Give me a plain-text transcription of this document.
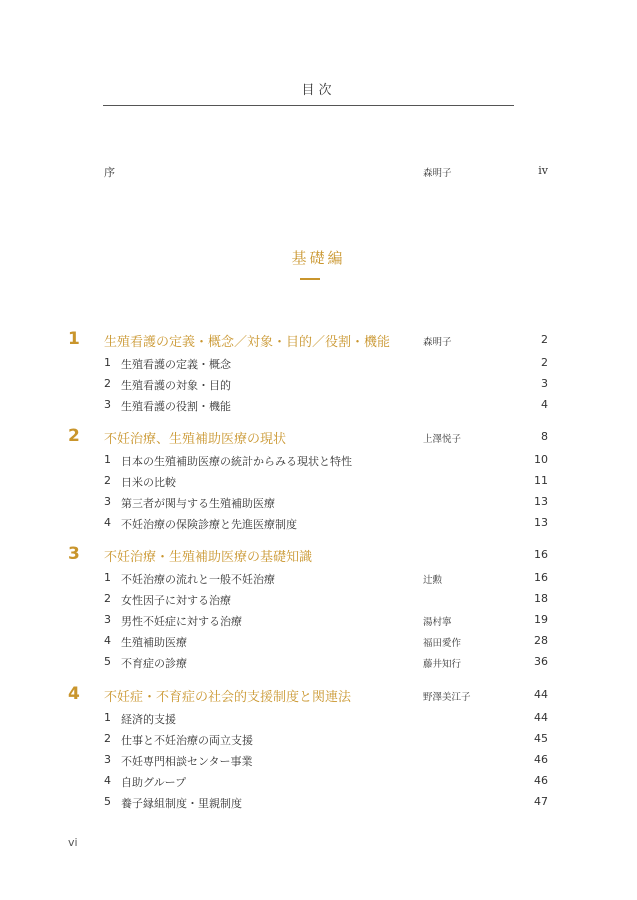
目次
序	森明子	iv
基礎編
1 生殖看護の定義・概念／対象・目的／役割・機能	森明子	2
1 生殖看護の定義・概念	2
2 生殖看護の対象・目的	3
3 生殖看護の役割・機能	4
2 不妊治療、生殖補助医療の現状	上澤悦子	8
1 日本の生殖補助医療の統計からみる現状と特性	10
2 日米の比較	11
3 第三者が関与する生殖補助医療	13
4 不妊治療の保険診療と先進医療制度	13
3 不妊治療・生殖補助医療の基礎知識	16
1 不妊治療の流れと一般不妊治療	辻勲	16
2 女性因子に対する治療	18
3 男性不妊症に対する治療	湯村寧	19
4 生殖補助医療	福田愛作	28
5 不育症の診療	藤井知行	36
4 不妊症・不育症の社会的支援制度と関連法	野澤美江子	44
1 経済的支援	44
2 仕事と不妊治療の両立支援	45
3 不妊専門相談センター事業	46
4 自助グループ	46
5 養子縁組制度・里親制度	47
vi
